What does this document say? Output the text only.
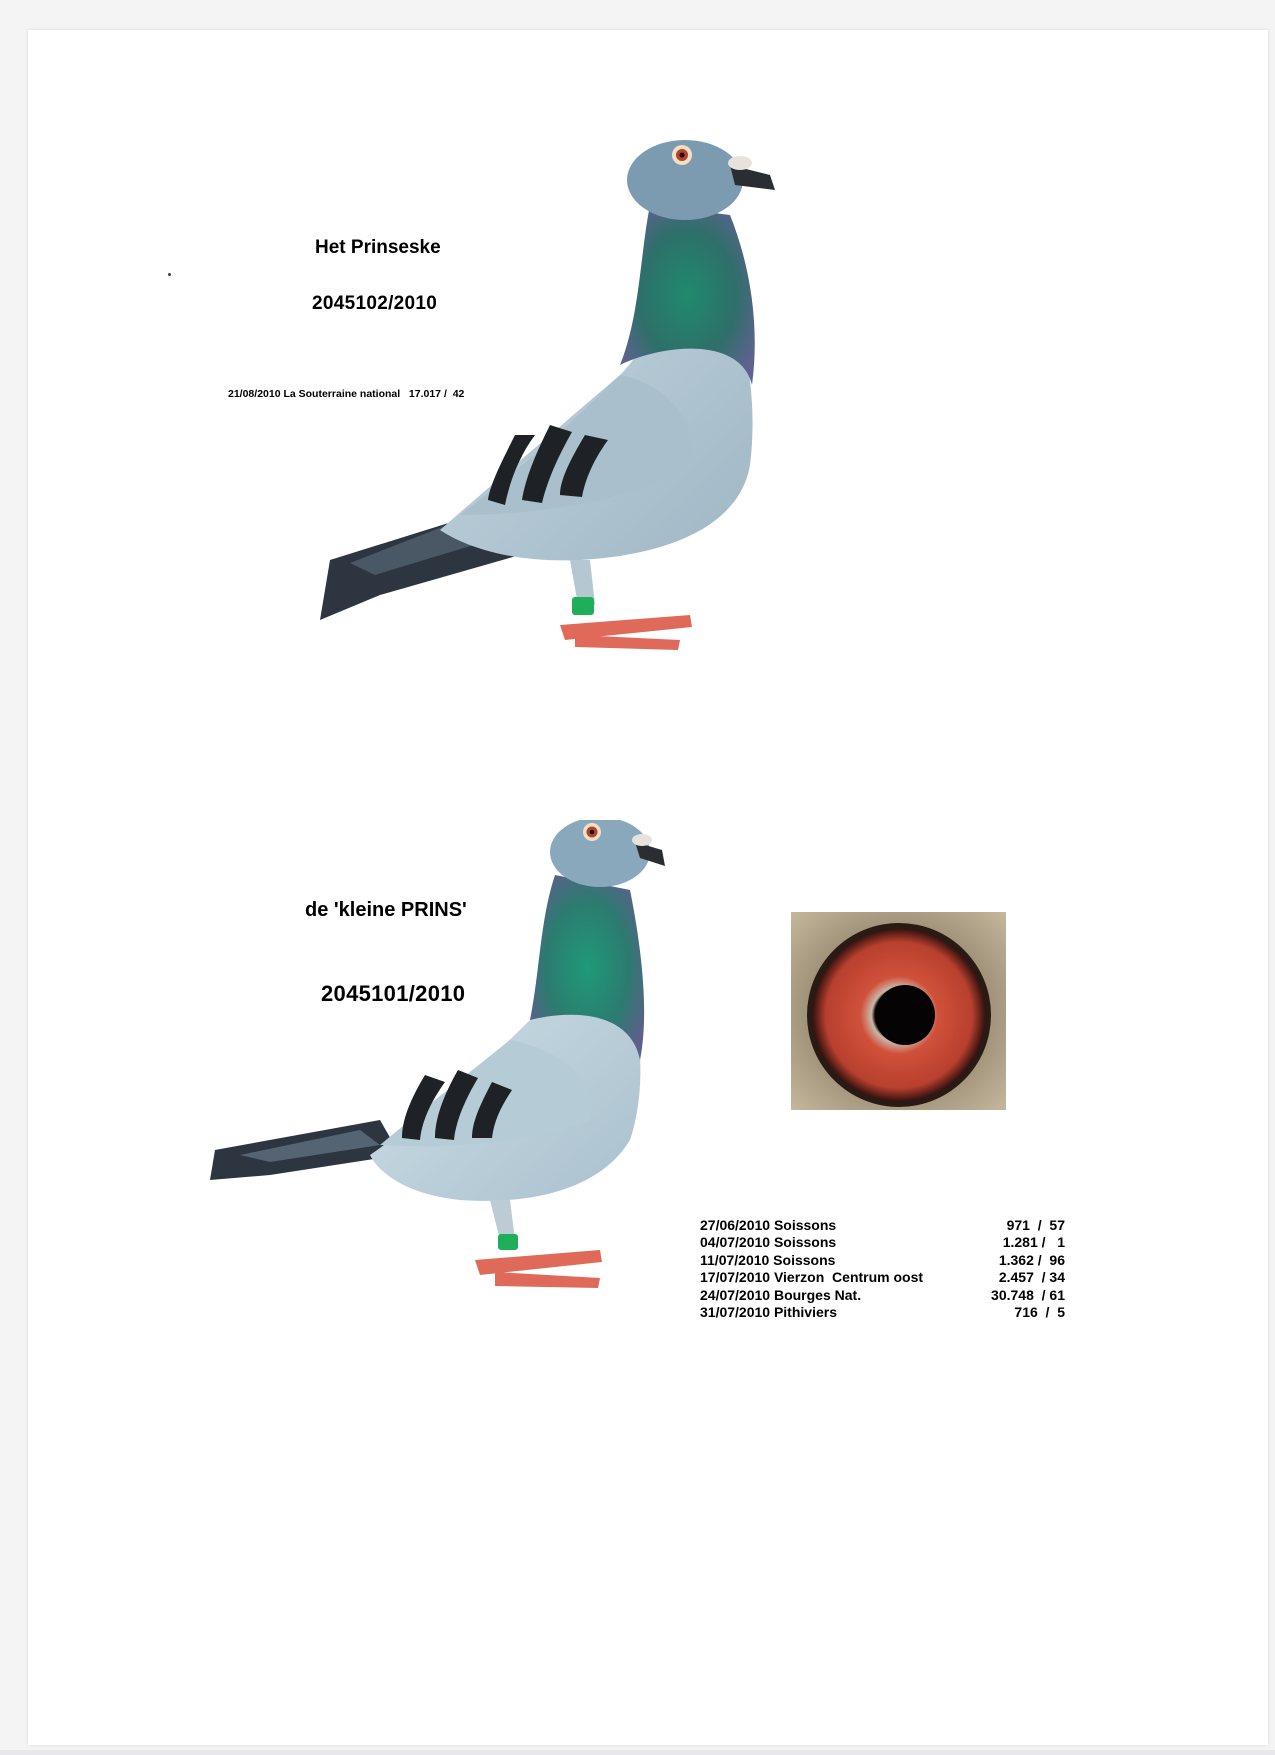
Het Prinseske
2045102/2010
21/08/2010 La Souterraine national   17.017 /  42
de 'kleine PRINS'
2045101/2010
27/06/2010 Soissons	971  /  57
04/07/2010 Soissons	1.281 /   1
11/07/2010 Soissons	1.362 /  96
17/07/2010 Vierzon  Centrum oost	2.457  / 34
24/07/2010 Bourges Nat.	30.748  / 61
31/07/2010 Pithiviers	716  /  5
